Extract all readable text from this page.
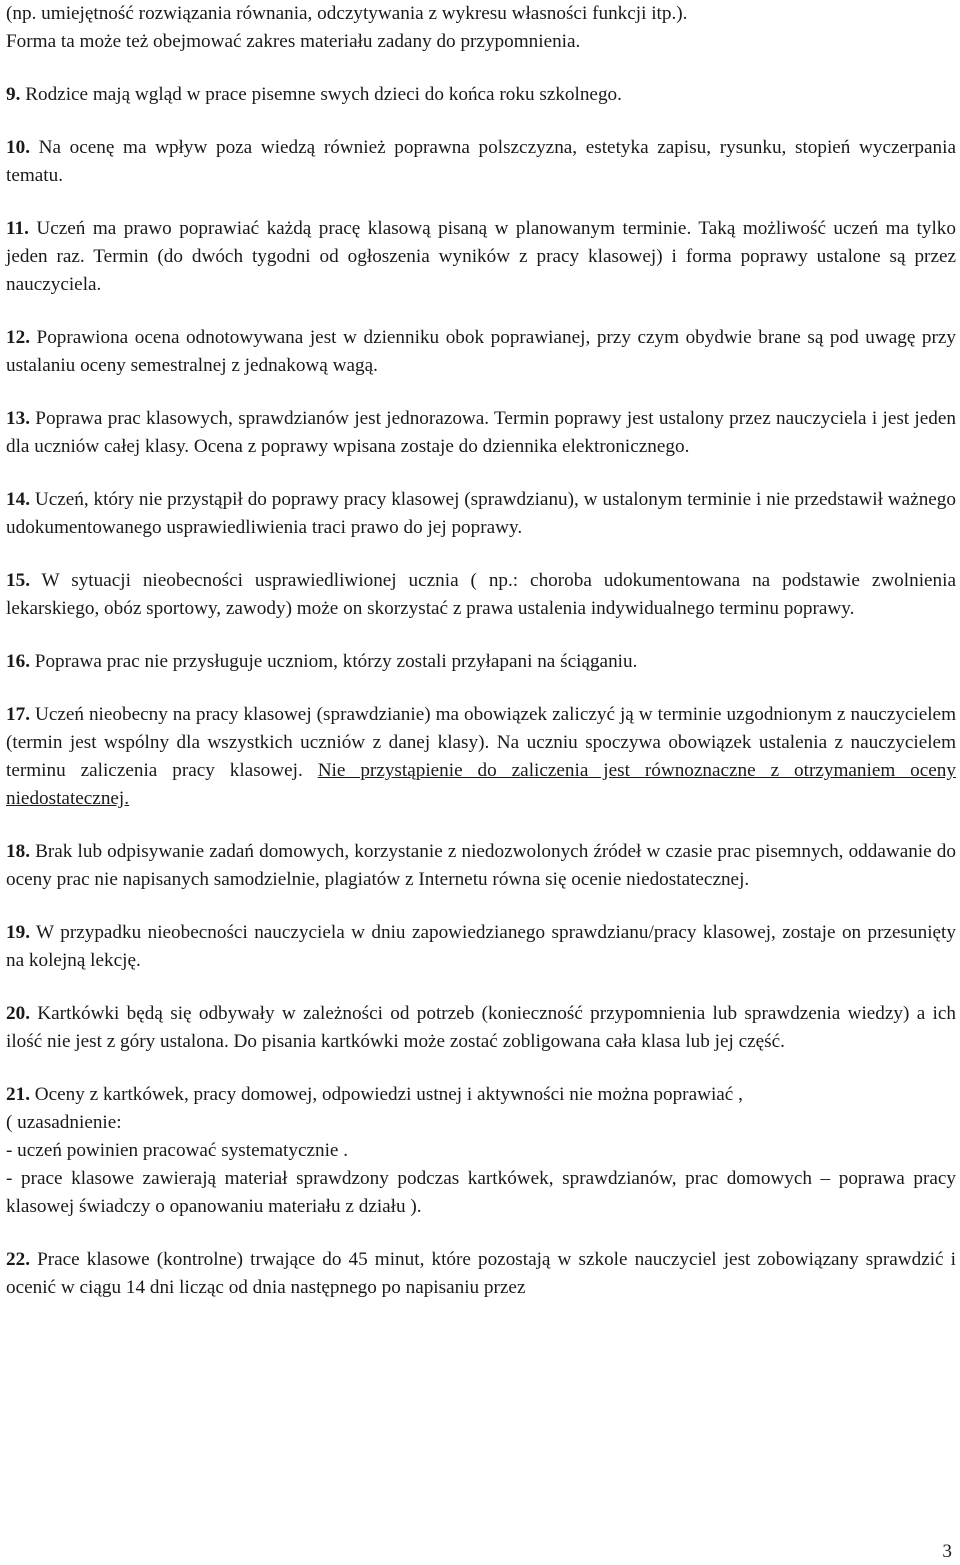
(np. umiejętność rozwiązania równania, odczytywania z wykresu własności funkcji itp.).
Forma ta może też obejmować zakres materiału zadany do przypomnienia.

9. Rodzice mają wgląd w prace pisemne swych dzieci do końca roku szkolnego.

10. Na ocenę ma wpływ poza wiedzą również poprawna polszczyzna, estetyka zapisu, rysunku, stopień wyczerpania tematu.

11. Uczeń ma prawo poprawiać każdą pracę klasową pisaną w planowanym terminie. Taką możliwość uczeń ma tylko jeden raz. Termin (do dwóch tygodni od ogłoszenia wyników z pracy klasowej) i forma poprawy ustalone są przez nauczyciela.

12. Poprawiona ocena odnotowywana jest w dzienniku obok poprawianej, przy czym obydwie brane są pod uwagę przy ustalaniu oceny semestralnej z jednakową wagą.

13. Poprawa prac klasowych, sprawdzianów jest jednorazowa. Termin poprawy jest ustalony przez nauczyciela i jest jeden dla uczniów całej klasy. Ocena z poprawy wpisana zostaje do dziennika elektronicznego.

14. Uczeń, który nie przystąpił do poprawy pracy klasowej (sprawdzianu), w ustalonym terminie i nie przedstawił ważnego udokumentowanego usprawiedliwienia traci prawo do jej poprawy.

15. W sytuacji nieobecności usprawiedliwionej ucznia ( np.: choroba udokumentowana na podstawie zwolnienia lekarskiego, obóz sportowy, zawody) może on skorzystać z prawa ustalenia indywidualnego terminu poprawy.

16. Poprawa prac nie przysługuje uczniom, którzy zostali przyłapani na ściąganiu.

17. Uczeń nieobecny na pracy klasowej (sprawdzianie) ma obowiązek zaliczyć ją w terminie uzgodnionym z nauczycielem (termin jest wspólny dla wszystkich uczniów z danej klasy). Na uczniu spoczywa obowiązek ustalenia z nauczycielem terminu zaliczenia pracy klasowej. Nie przystąpienie do zaliczenia jest równoznaczne z otrzymaniem oceny niedostatecznej.

18. Brak lub odpisywanie zadań domowych, korzystanie z niedozwolonych źródeł w czasie prac pisemnych, oddawanie do oceny prac nie napisanych samodzielnie, plagiatów z Internetu równa się ocenie niedostatecznej.

19. W przypadku nieobecności nauczyciela w dniu zapowiedzianego sprawdzianu/pracy klasowej, zostaje on przesunięty na kolejną lekcję.

20. Kartkówki będą się odbywały w zależności od potrzeb (konieczność przypomnienia lub sprawdzenia wiedzy) a ich ilość nie jest z góry ustalona. Do pisania kartkówki może zostać zobligowana cała klasa lub jej część.

21. Oceny z kartkówek, pracy domowej, odpowiedzi ustnej i aktywności nie można poprawiać ,
( uzasadnienie:
- uczeń powinien pracować systematycznie .
- prace klasowe zawierają materiał sprawdzony podczas kartkówek, sprawdzianów, prac domowych – poprawa pracy klasowej świadczy o opanowaniu materiału z działu ).

22. Prace klasowe (kontrolne) trwające do 45 minut, które pozostają w szkole nauczyciel jest zobowiązany sprawdzić i ocenić w ciągu 14 dni licząc od dnia następnego po napisaniu przez

3
